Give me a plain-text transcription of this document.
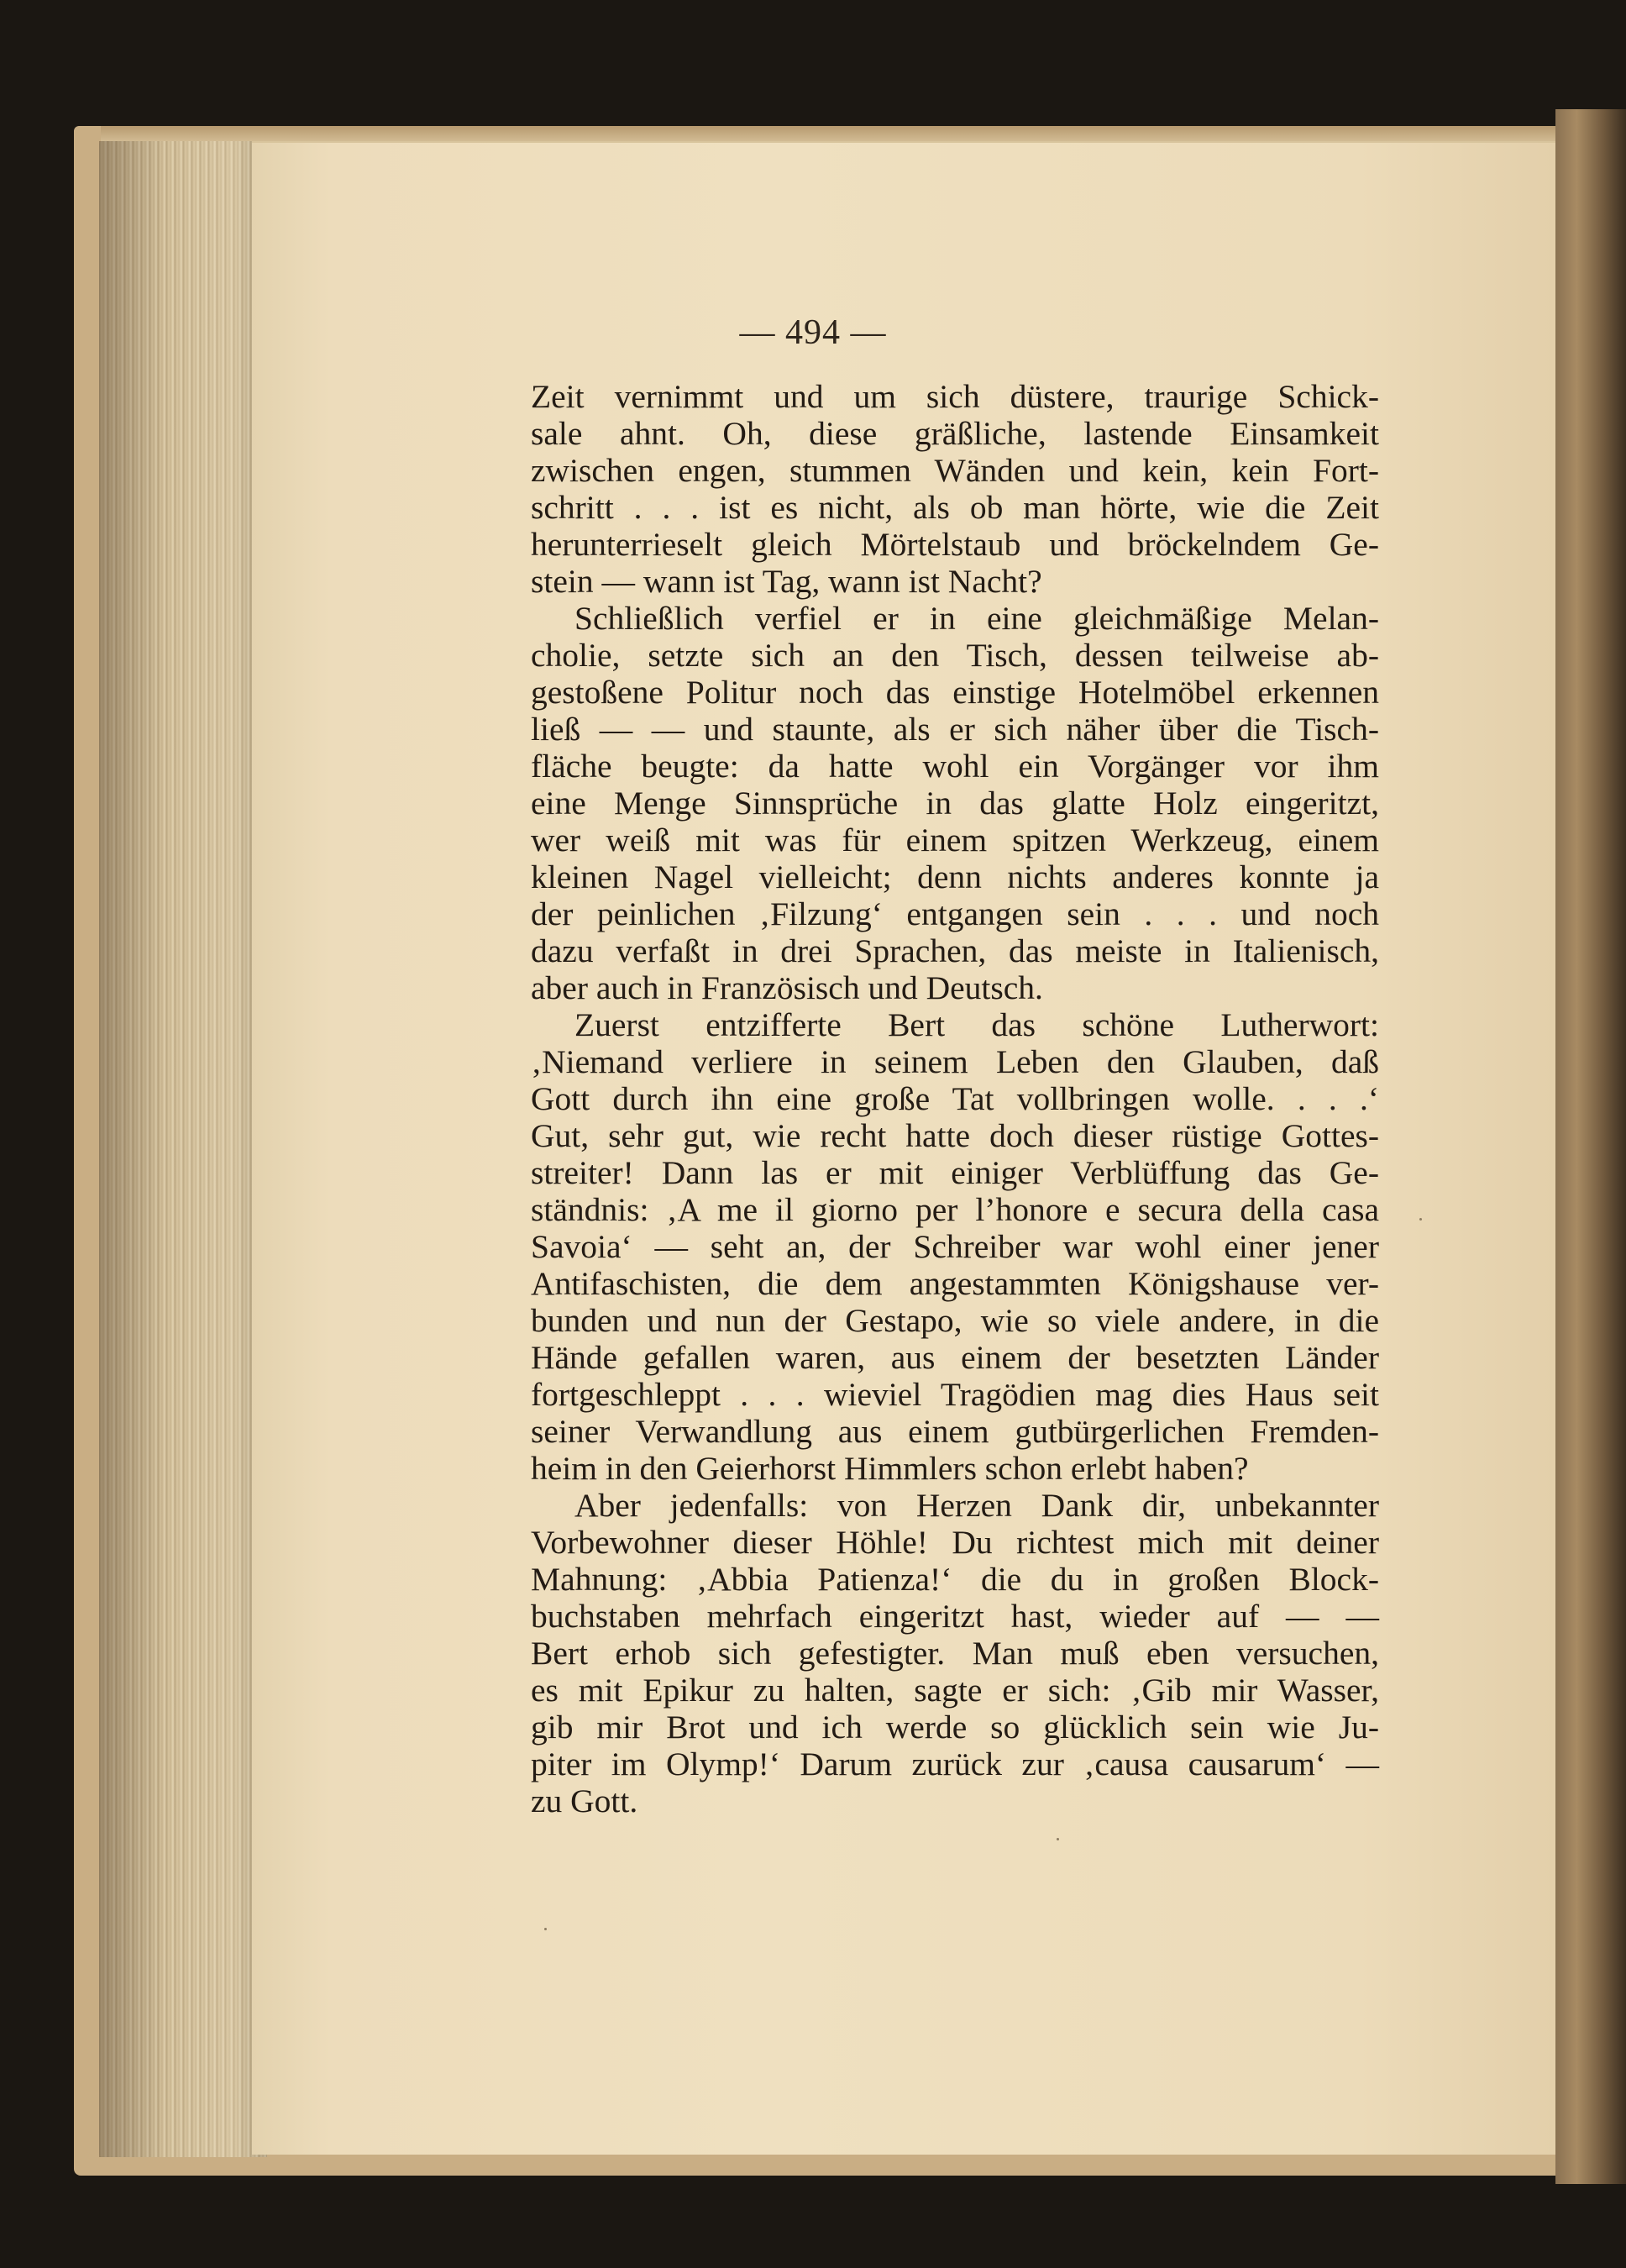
— 494 —
Zeit vernimmt und um sich düstere, traurige Schick-
sale ahnt. Oh, diese gräßliche, lastende Einsamkeit
zwischen engen, stummen Wänden und kein, kein Fort-
schritt . . . ist es nicht, als ob man hörte, wie die Zeit
herunterrieselt gleich Mörtelstaub und bröckelndem Ge-
stein — wann ist Tag, wann ist Nacht?
Schließlich verfiel er in eine gleichmäßige Melan-
cholie, setzte sich an den Tisch, dessen teilweise ab-
gestoßene Politur noch das einstige Hotelmöbel erkennen
ließ — — und staunte, als er sich näher über die Tisch-
fläche beugte: da hatte wohl ein Vorgänger vor ihm
eine Menge Sinnsprüche in das glatte Holz eingeritzt,
wer weiß mit was für einem spitzen Werkzeug, einem
kleinen Nagel vielleicht; denn nichts anderes konnte ja
der peinlichen ‚Filzung‘ entgangen sein . . . und noch
dazu verfaßt in drei Sprachen, das meiste in Italienisch,
aber auch in Französisch und Deutsch.
Zuerst entzifferte Bert das schöne Lutherwort:
‚Niemand verliere in seinem Leben den Glauben, daß
Gott durch ihn eine große Tat vollbringen wolle. . . .‘
Gut, sehr gut, wie recht hatte doch dieser rüstige Gottes-
streiter! Dann las er mit einiger Verblüffung das Ge-
ständnis: ‚A me il giorno per l’honore e secura della casa
Savoia‘ — seht an, der Schreiber war wohl einer jener
Antifaschisten, die dem angestammten Königshause ver-
bunden und nun der Gestapo, wie so viele andere, in die
Hände gefallen waren, aus einem der besetzten Länder
fortgeschleppt . . . wieviel Tragödien mag dies Haus seit
seiner Verwandlung aus einem gutbürgerlichen Fremden-
heim in den Geierhorst Himmlers schon erlebt haben?
Aber jedenfalls: von Herzen Dank dir, unbekannter
Vorbewohner dieser Höhle! Du richtest mich mit deiner
Mahnung: ‚Abbia Patienza!‘ die du in großen Block-
buchstaben mehrfach eingeritzt hast, wieder auf — —
Bert erhob sich gefestigter. Man muß eben versuchen,
es mit Epikur zu halten, sagte er sich: ‚Gib mir Wasser,
gib mir Brot und ich werde so glücklich sein wie Ju-
piter im Olymp!‘ Darum zurück zur ‚causa causarum‘ —
zu Gott.
